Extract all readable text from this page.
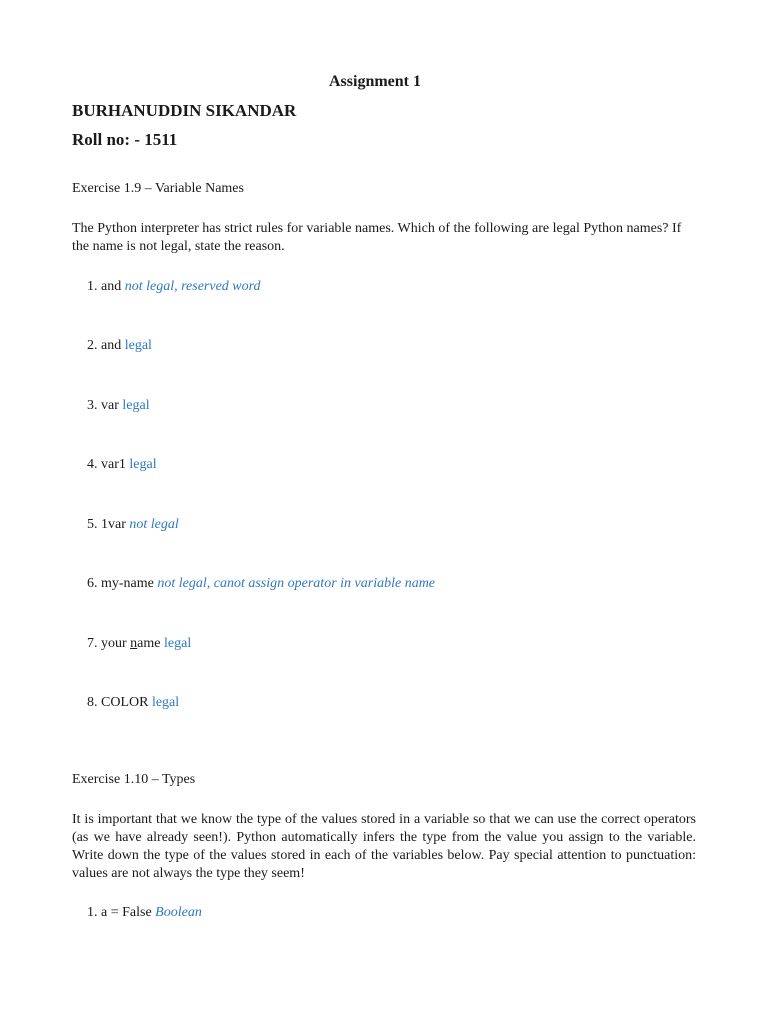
Assignment 1
BURHANUDDIN SIKANDAR
Roll no: - 1511
Exercise 1.9 – Variable Names
The Python interpreter has strict rules for variable names. Which of the following are legal Python names? If the name is not legal, state the reason.
1. and not legal, reserved word
2. and legal
3. var legal
4. var1 legal
5. 1var not legal
6. my-name not legal, canot assign operator in variable name
7. your name legal
8. COLOR legal
Exercise 1.10 – Types
It is important that we know the type of the values stored in a variable so that we can use the correct operators (as we have already seen!). Python automatically infers the type from the value you assign to the variable. Write down the type of the values stored in each of the variables below. Pay special attention to punctuation: values are not always the type they seem!
1. a = False Boolean
